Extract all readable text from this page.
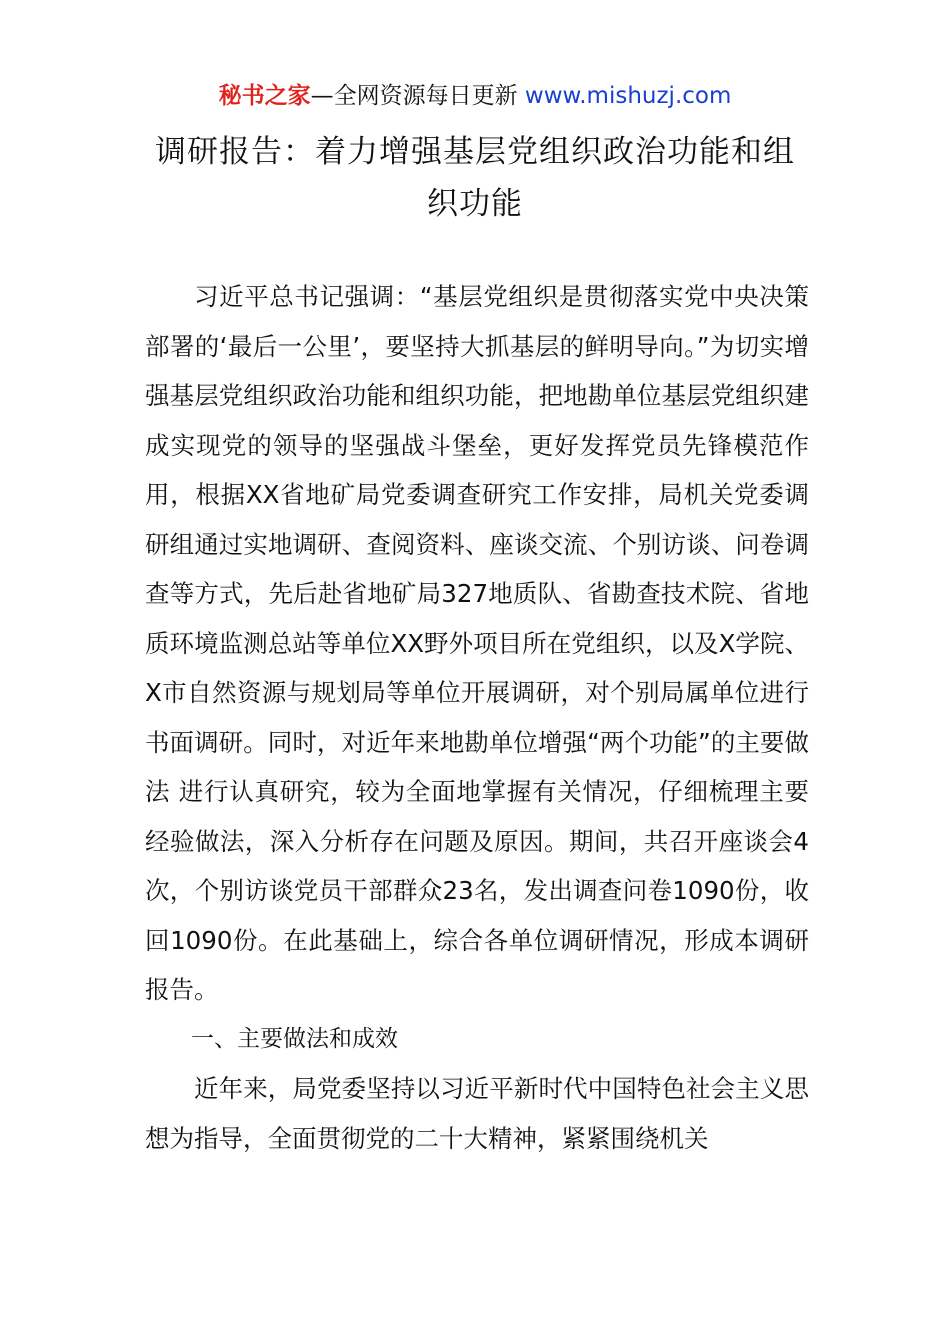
秘书之家—全网资源每日更新 www.mishuzj.com
调研报告：着力增强基层党组织政治功能和组织功能

习近平总书记强调：“基层党组织是贯彻落实党中央决策部署的‘最后一公里’，要坚持大抓基层的鲜明导向。”为切实增强基层党组织政治功能和组织功能，把地勘单位基层党组织建成实现党的领导的坚强战斗堡垒，更好发挥党员先锋模范作用，根据XX省地矿局党委调查研究工作安排，局机关党委调研组通过实地调研、查阅资料、座谈交流、个别访谈、问卷调查等方式，先后赴省地矿局327地质队、省勘查技术院、省地质环境监测总站等单位XX野外项目所在党组织，以及X学院、X市自然资源与规划局等单位开展调研，对个别局属单位进行书面调研。同时，对近年来地勘单位增强“两个功能”的主要做法 进行认真研究，较为全面地掌握有关情况，仔细梳理主要经验做法，深入分析存在问题及原因。期间，共召开座谈会4次，个别访谈党员干部群众23名，发出调查问卷1090份，收回1090份。在此基础上，综合各单位调研情况，形成本调研报告。

一、主要做法和成效

近年来，局党委坚持以习近平新时代中国特色社会主义思想为指导，全面贯彻党的二十大精神，紧紧围绕机关
